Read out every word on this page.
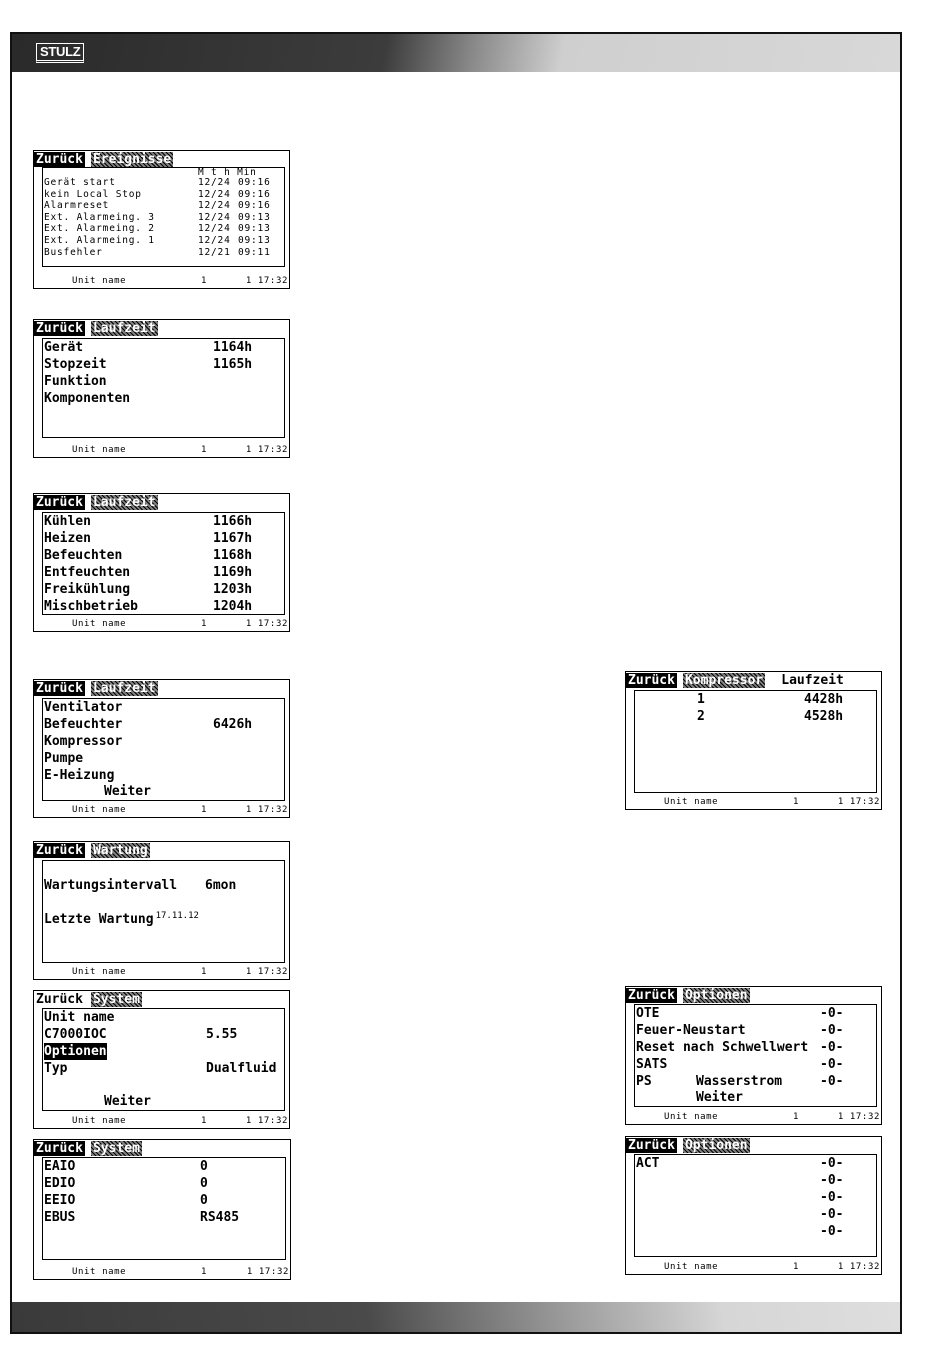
STULZ
Zurück Ereignisse
M t h Min
Gerät start	12/24 09:16
kein Local Stop	12/24 09:16
Alarmreset	12/24 09:16
Ext. Alarmeing. 3	12/24 09:13
Ext. Alarmeing. 2	12/24 09:13
Ext. Alarmeing. 1	12/24 09:13
Busfehler	12/21 09:11
Unit name	1	1 17:32
Zurück Laufzeit
Gerät	1164h
Stopzeit	1165h
Funktion
Komponenten
Unit name	1	1 17:32
Zurück Laufzeit
Kühlen	1166h
Heizen	1167h
Befeuchten	1168h
Entfeuchten	1169h
Freikühlung	1203h
Mischbetrieb	1204h
Unit name	1	1 17:32
Zurück Laufzeit
Weiter
Ventilator
Befeuchter	6426h
Kompressor
Pumpe
E-Heizung
Unit name	1	1 17:32
Zurück Wartung
Wartungsintervall 6mon
Letzte Wartung $^{17.11.12}$
Unit name	1	1 17:32
Zurück System
Weiter
Unit name
C7000IOC	5.55
Optionen
Typ	Dualfluid
Unit name	1	1 17:32
Zurück System
EAIO	0
EDIO	0
EEIO	0
EBUS	RS485
Unit name	1	1 17:32
Zurück Kompressor Laufzeit
1	4428h
2	4528h
Unit name	1	1 17:32
Zurück Optionen
Weiter
OTE	-0-
Feuer-Neustart	-0-
Reset nach Schwellwert -0-
SATS	-0-
PS	Wasserstrom	-0-
Unit name	1	1 17:32
Zurück Optionen
ACT	-0-
-0-
-0-
-0-
-0-
Unit name	1	1 17:32
